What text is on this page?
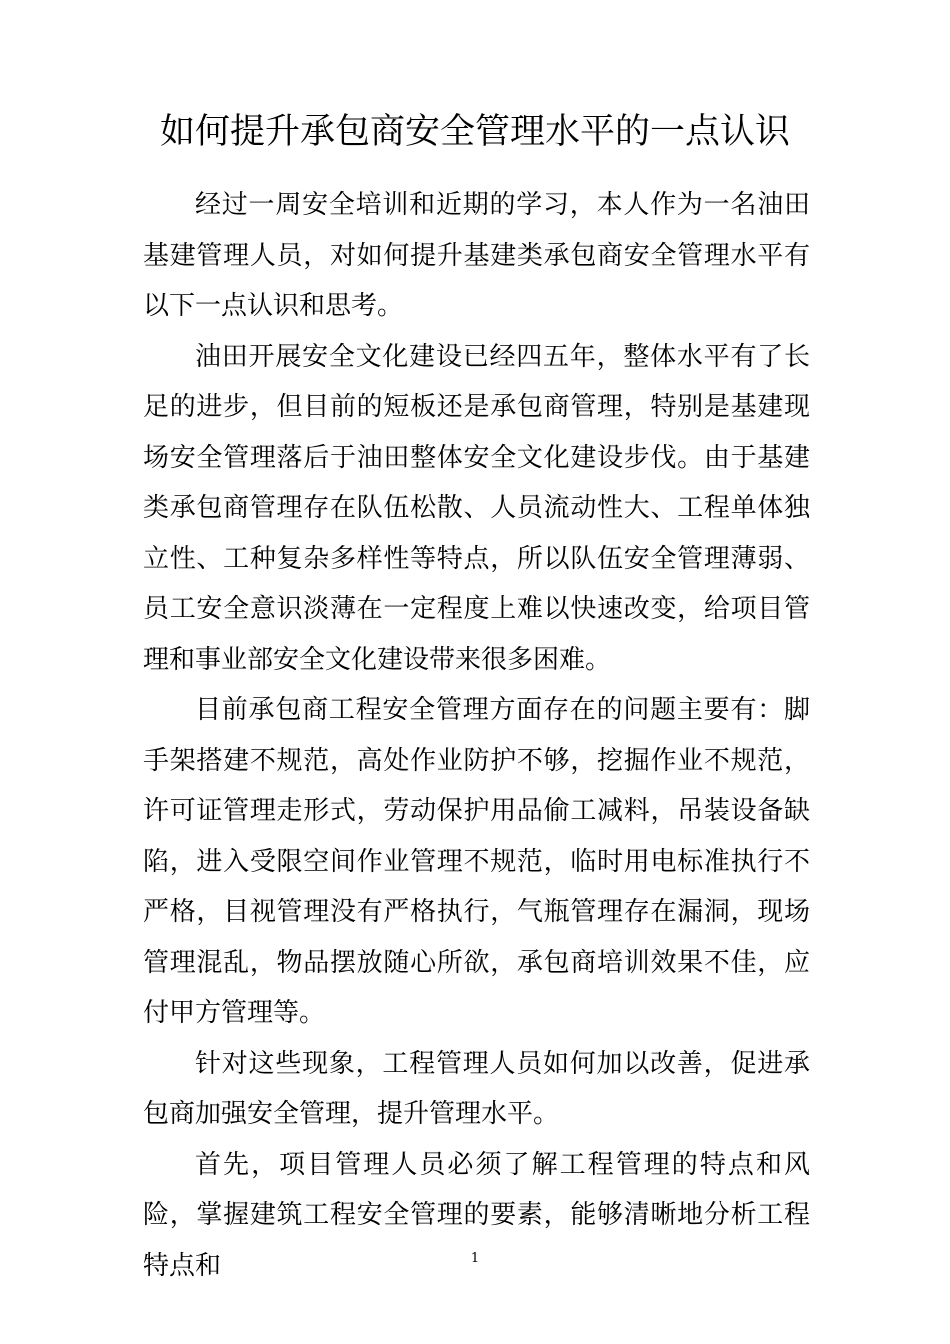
如何提升承包商安全管理水平的一点认识

经过一周安全培训和近期的学习，本人作为一名油田基建管理人员，对如何提升基建类承包商安全管理水平有以下一点认识和思考。

油田开展安全文化建设已经四五年，整体水平有了长足的进步，但目前的短板还是承包商管理，特别是基建现场安全管理落后于油田整体安全文化建设步伐。由于基建类承包商管理存在队伍松散、人员流动性大、工程单体独立性、工种复杂多样性等特点，所以队伍安全管理薄弱、员工安全意识淡薄在一定程度上难以快速改变，给项目管理和事业部安全文化建设带来很多困难。

目前承包商工程安全管理方面存在的问题主要有：脚手架搭建不规范，高处作业防护不够，挖掘作业不规范，许可证管理走形式，劳动保护用品偷工减料，吊装设备缺陷，进入受限空间作业管理不规范，临时用电标准执行不严格，目视管理没有严格执行，气瓶管理存在漏洞，现场管理混乱，物品摆放随心所欲，承包商培训效果不佳，应付甲方管理等。

针对这些现象，工程管理人员如何加以改善，促进承包商加强安全管理，提升管理水平。

首先，项目管理人员必须了解工程管理的特点和风险，掌握建筑工程安全管理的要素，能够清晰地分析工程特点和	1
